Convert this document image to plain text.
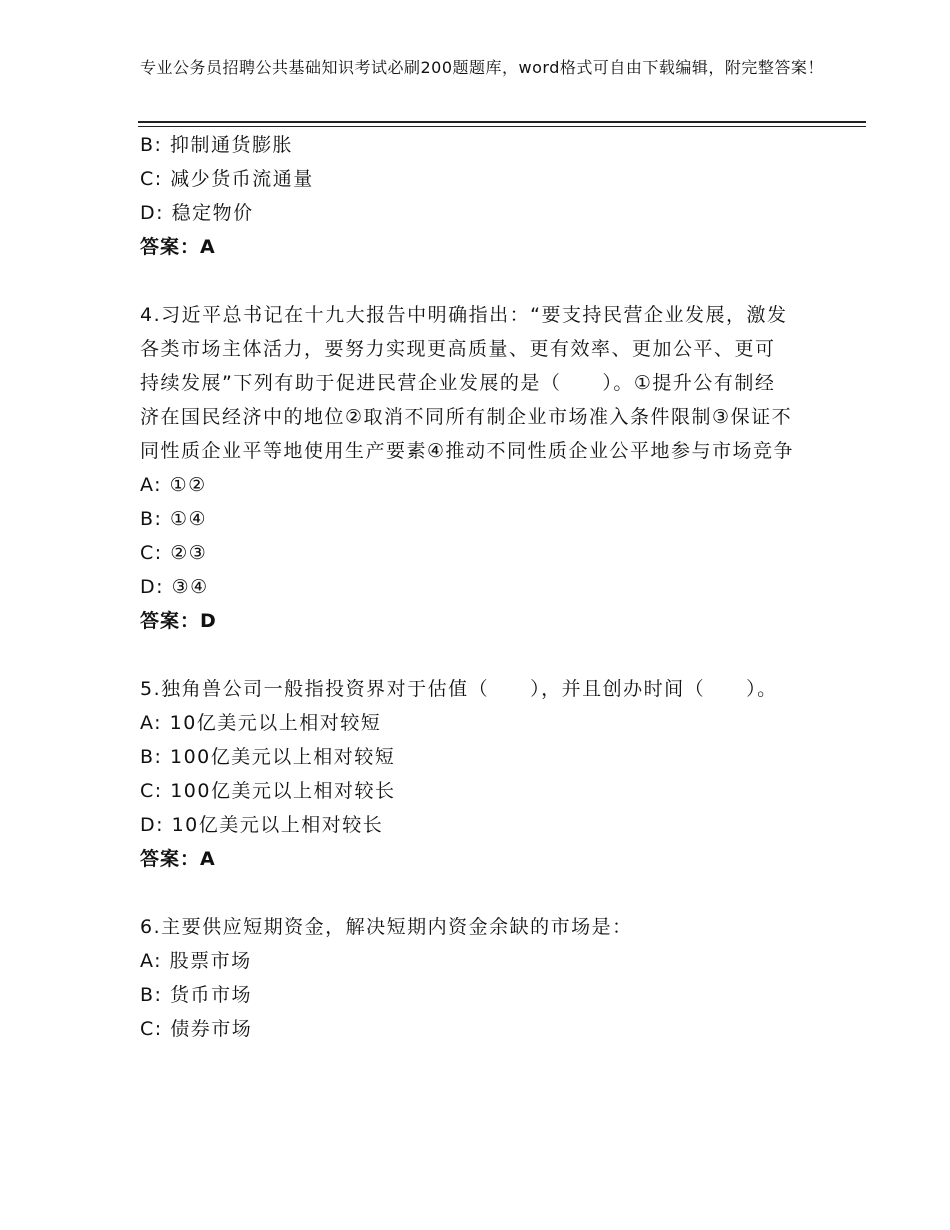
专业公务员招聘公共基础知识考试必刷200题题库，word格式可自由下载编辑，附完整答案！
B: 抑制通货膨胀
C: 减少货币流通量
D: 稳定物价
答案：A
4.习近平总书记在十九大报告中明确指出：“要支持民营企业发展，激发各类市场主体活力，要努力实现更高质量、更有效率、更加公平、更可持续发展”下列有助于促进民营企业发展的是（　　）。①提升公有制经济在国民经济中的地位②取消不同所有制企业市场准入条件限制③保证不同性质企业平等地使用生产要素④推动不同性质企业公平地参与市场竞争
A: ①②
B: ①④
C: ②③
D: ③④
答案：D
5.独角兽公司一般指投资界对于估值（　　），并且创办时间（　　）。
A: 10亿美元以上相对较短
B: 100亿美元以上相对较短
C: 100亿美元以上相对较长
D: 10亿美元以上相对较长
答案：A
6.主要供应短期资金，解决短期内资金余缺的市场是：
A: 股票市场
B: 货币市场
C: 债券市场
